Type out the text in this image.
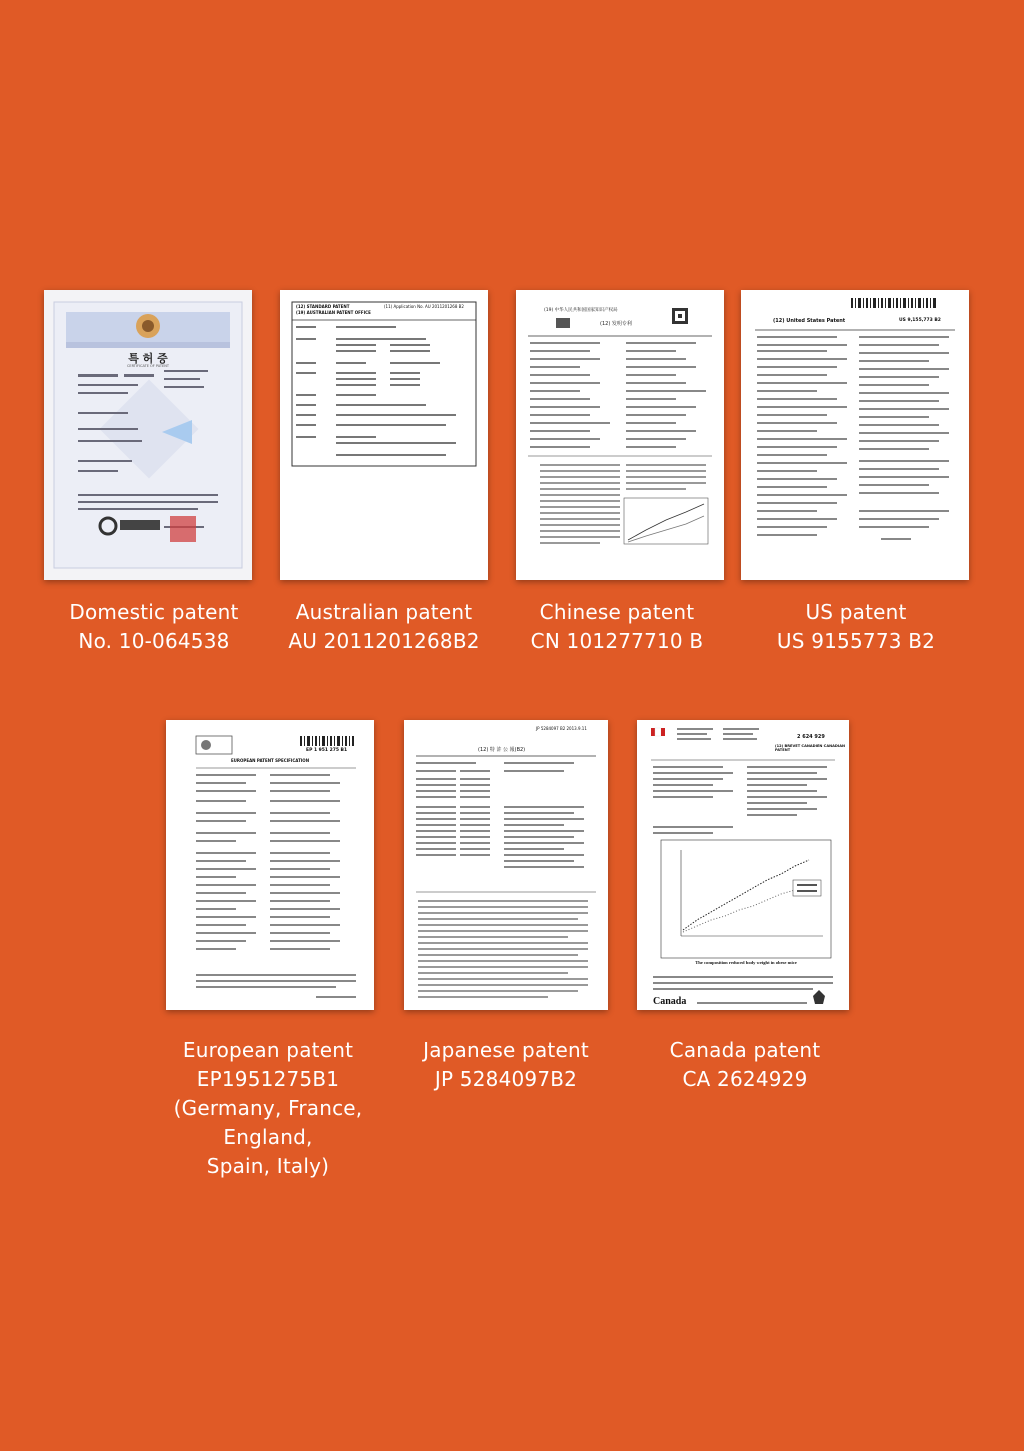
특 허 증
CERTIFICATE OF PATENT
(12) STANDARD PATENT
(19) AUSTRALIAN PATENT OFFICE
(11) Application No. AU 2011201268 B2
(19) 中华人民共和国国家知识产权局
(12) 发明专利	(12) United States Patent	US 9,155,773 B2
EUROPEAN PATENT SPECIFICATION
EP 1 951 275 B1	(12) 特 許 公 報(B2)
JP 5284097 B2 2013.9.11
(12) BREVET CANADIEN CANADIAN PATENT
2 624 929
The composition reduced body weight in obese mice
Canada
Domestic patent
No. 10-064538
Australian patent
AU 2011201268B2
Chinese patent
CN 101277710 B
US patent
US 9155773 B2
European patent
EP1951275B1
(Germany, France,
England,
Spain, Italy)
Japanese patent
JP 5284097B2
Canada patent
CA 2624929
